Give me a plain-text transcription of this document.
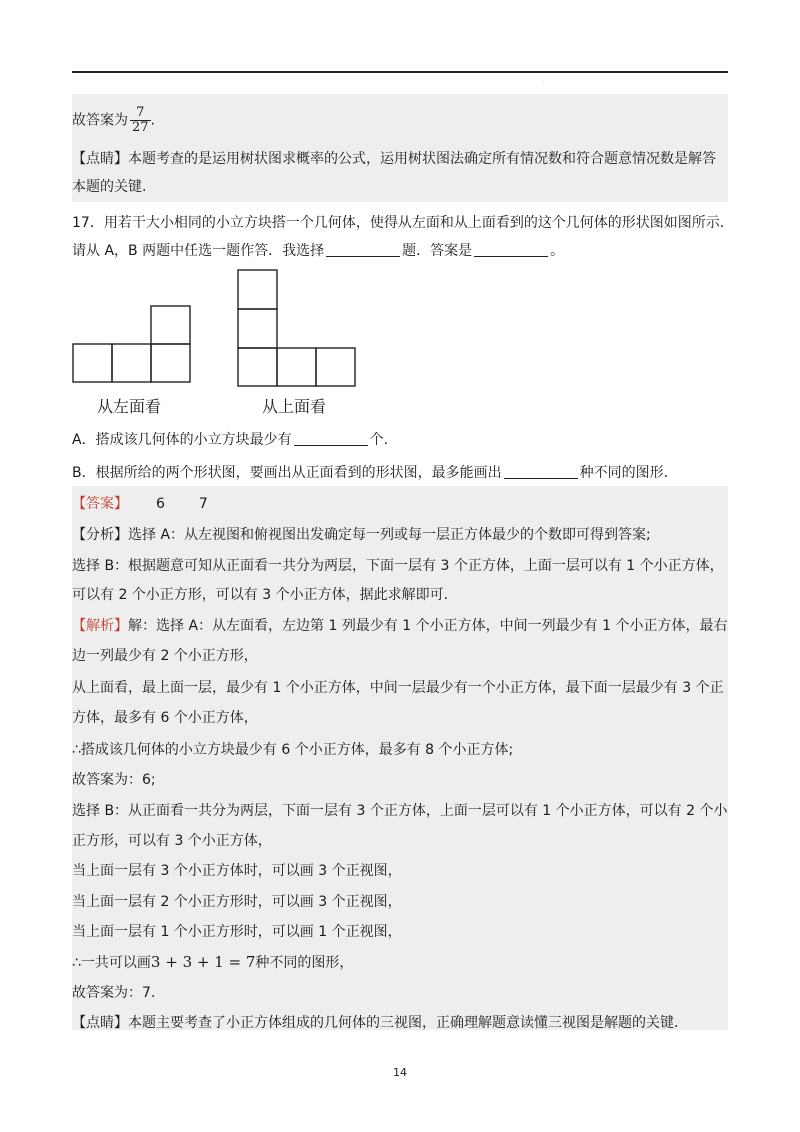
·
故答案为 $\frac{7}{27}$ .
【点睛】本题考查的是运用树状图求概率的公式，运用树状图法确定所有情况数和符合题意情况数是解答
本题的关键.
17．用若干大小相同的小立方块搭一个几何体，使得从左面和从上面看到的这个几何体的形状图如图所示.
请从 A，B 两题中任选一题作答．我选择	题．答案是	。
从左面看	从上面看
A．搭成该几何体的小立方块最少有	个.
B．根据所给的两个形状图，要画出从正面看到的形状图，最多能画出	种不同的图形.
【答案】 6 7
【分析】选择 A：从左视图和俯视图出发确定每一列或每一层正方体最少的个数即可得到答案;
选择 B：根据题意可知从正面看一共分为两层，下面一层有 3 个正方体，上面一层可以有 1 个小正方体，
可以有 2 个小正方形，可以有 3 个小正方体，据此求解即可.
【解析】解：选择 A：从左面看，左边第 1 列最少有 1 个小正方体，中间一列最少有 1 个小正方体，最右
边一列最少有 2 个小正方形，
从上面看，最上面一层，最少有 1 个小正方体，中间一层最少有一个小正方体，最下面一层最少有 3 个正
方体，最多有 6 个小正方体，
∴搭成该几何体的小立方块最少有 6 个小正方体，最多有 8 个小正方体;
故答案为：6;
选择 B：从正面看一共分为两层，下面一层有 3 个正方体，上面一层可以有 1 个小正方体，可以有 2 个小
正方形，可以有 3 个小正方体，
当上面一层有 3 个小正方体时，可以画 3 个正视图，
当上面一层有 2 个小正方形时，可以画 3 个正视图，
当上面一层有 1 个小正方形时，可以画 1 个正视图，
∴一共可以画3 + 3 + 1 = 7种不同的图形，
故答案为：7.
【点睛】本题主要考查了小正方体组成的几何体的三视图，正确理解题意读懂三视图是解题的关键.
14
